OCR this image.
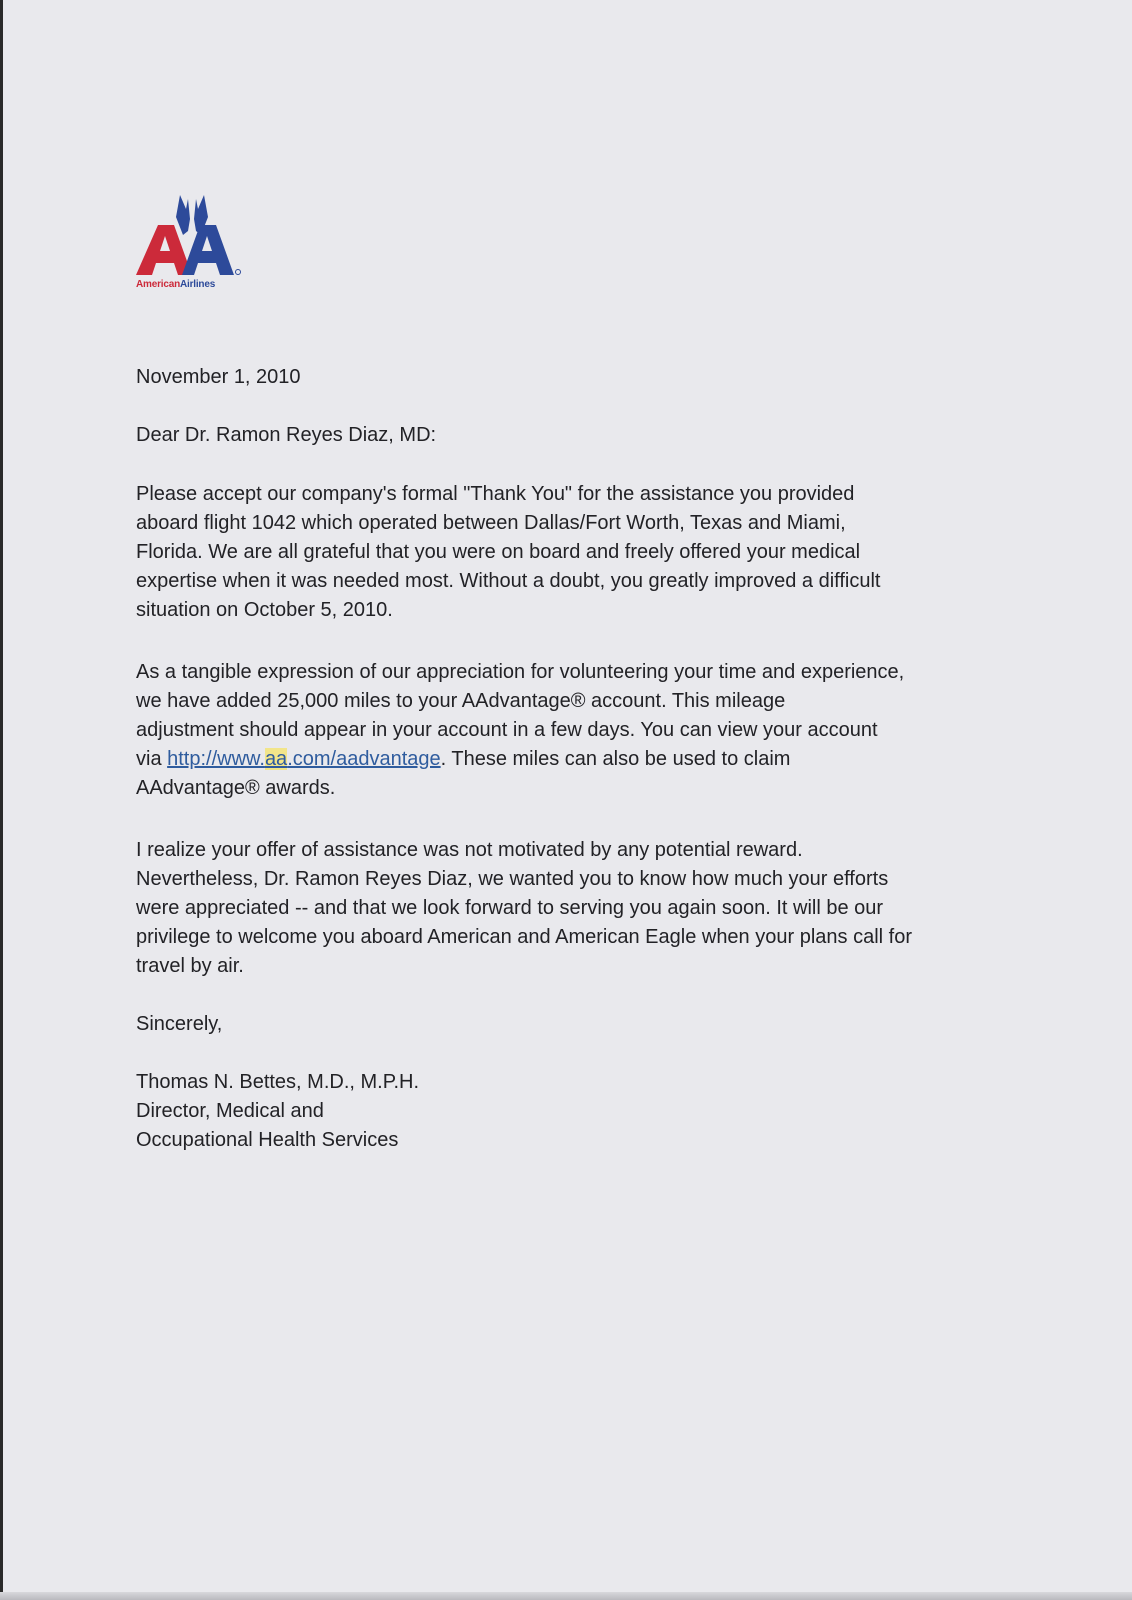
AmericanAirlines
November 1, 2010
Dear Dr. Ramon Reyes Diaz, MD:
Please accept our company's formal "Thank You" for the assistance you provided
aboard flight 1042 which operated between Dallas/Fort Worth, Texas and Miami,
Florida. We are all grateful that you were on board and freely offered your medical
expertise when it was needed most. Without a doubt, you greatly improved a difficult
situation on October 5, 2010.
As a tangible expression of our appreciation for volunteering your time and experience,
we have added 25,000 miles to your AAdvantage® account. This mileage
adjustment should appear in your account in a few days. You can view your account
via http://www.aa.com/aadvantage. These miles can also be used to claim
AAdvantage® awards.
I realize your offer of assistance was not motivated by any potential reward.
Nevertheless, Dr. Ramon Reyes Diaz, we wanted you to know how much your efforts
were appreciated -- and that we look forward to serving you again soon. It will be our
privilege to welcome you aboard American and American Eagle when your plans call for
travel by air.
Sincerely,
Thomas N. Bettes, M.D., M.P.H.
Director, Medical and
Occupational Health Services
